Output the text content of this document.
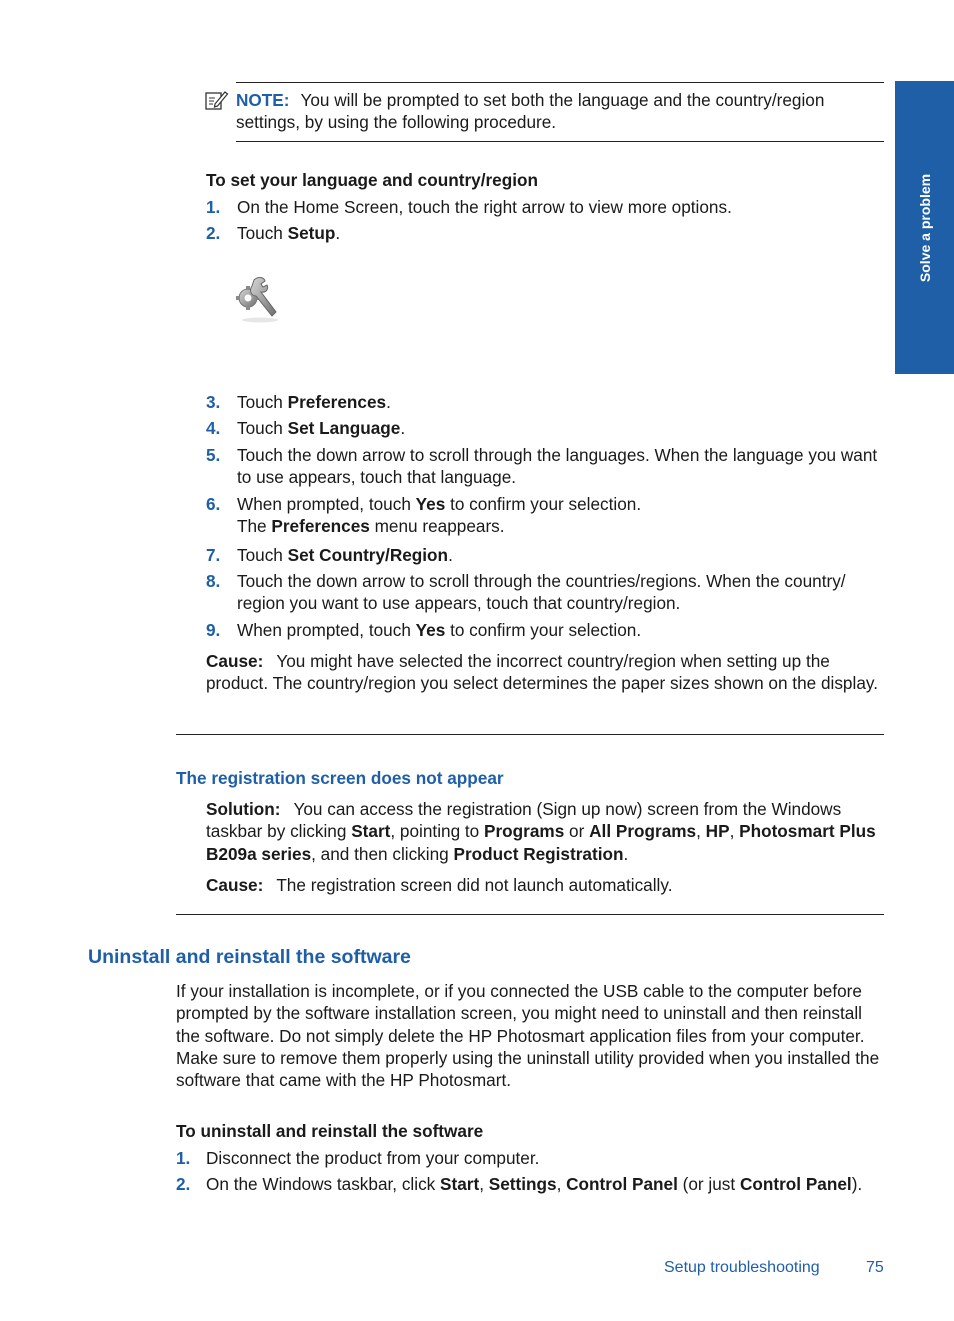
Solve a problem
NOTE: You will be prompted to set both the language and the country/region settings, by using the following procedure.
To set your language and country/region
1. On the Home Screen, touch the right arrow to view more options.
2. Touch Setup.
3. Touch Preferences.
4. Touch Set Language.
5. Touch the down arrow to scroll through the languages. When the language you want to use appears, touch that language.
6. When prompted, touch Yes to confirm your selection.
The Preferences menu reappears.
7. Touch Set Country/Region.
8. Touch the down arrow to scroll through the countries/regions. When the country/ region you want to use appears, touch that country/region.
9. When prompted, touch Yes to confirm your selection.
Cause: You might have selected the incorrect country/region when setting up the product. The country/region you select determines the paper sizes shown on the display.
The registration screen does not appear
Solution: You can access the registration (Sign up now) screen from the Windows taskbar by clicking Start, pointing to Programs or All Programs, HP, Photosmart Plus B209a series, and then clicking Product Registration.
Cause: The registration screen did not launch automatically.
Uninstall and reinstall the software
If your installation is incomplete, or if you connected the USB cable to the computer before prompted by the software installation screen, you might need to uninstall and then reinstall the software. Do not simply delete the HP Photosmart application files from your computer. Make sure to remove them properly using the uninstall utility provided when you installed the software that came with the HP Photosmart.
To uninstall and reinstall the software
1. Disconnect the product from your computer.
2. On the Windows taskbar, click Start, Settings, Control Panel (or just Control Panel).
Setup troubleshooting	75
